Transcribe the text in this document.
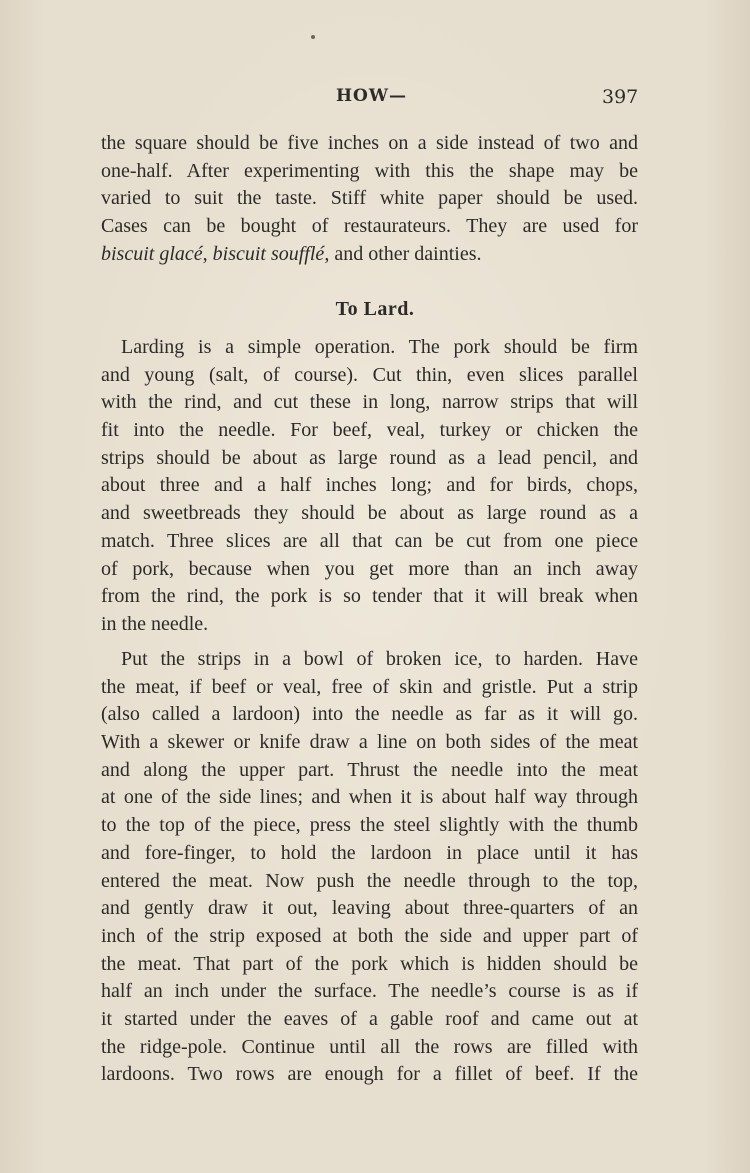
HOW—	397
the square should be five inches on a side instead of two and
one-half. After experimenting with this the shape may be
varied to suit the taste. Stiff white paper should be used.
Cases can be bought of restaurateurs. They are used for
biscuit glacé, biscuit soufflé, and other dainties.
To Lard.
Larding is a simple operation. The pork should be firm
and young (salt, of course). Cut thin, even slices parallel
with the rind, and cut these in long, narrow strips that will
fit into the needle. For beef, veal, turkey or chicken the
strips should be about as large round as a lead pencil, and
about three and a half inches long; and for birds, chops,
and sweetbreads they should be about as large round as a
match. Three slices are all that can be cut from one piece
of pork, because when you get more than an inch away
from the rind, the pork is so tender that it will break when
in the needle.
Put the strips in a bowl of broken ice, to harden. Have
the meat, if beef or veal, free of skin and gristle. Put a strip
(also called a lardoon) into the needle as far as it will go.
With a skewer or knife draw a line on both sides of the meat
and along the upper part. Thrust the needle into the meat
at one of the side lines; and when it is about half way through
to the top of the piece, press the steel slightly with the thumb
and fore-finger, to hold the lardoon in place until it has
entered the meat. Now push the needle through to the top,
and gently draw it out, leaving about three-quarters of an
inch of the strip exposed at both the side and upper part of
the meat. That part of the pork which is hidden should be
half an inch under the surface. The needle’s course is as if
it started under the eaves of a gable roof and came out at
the ridge-pole. Continue until all the rows are filled with
lardoons. Two rows are enough for a fillet of beef. If the
